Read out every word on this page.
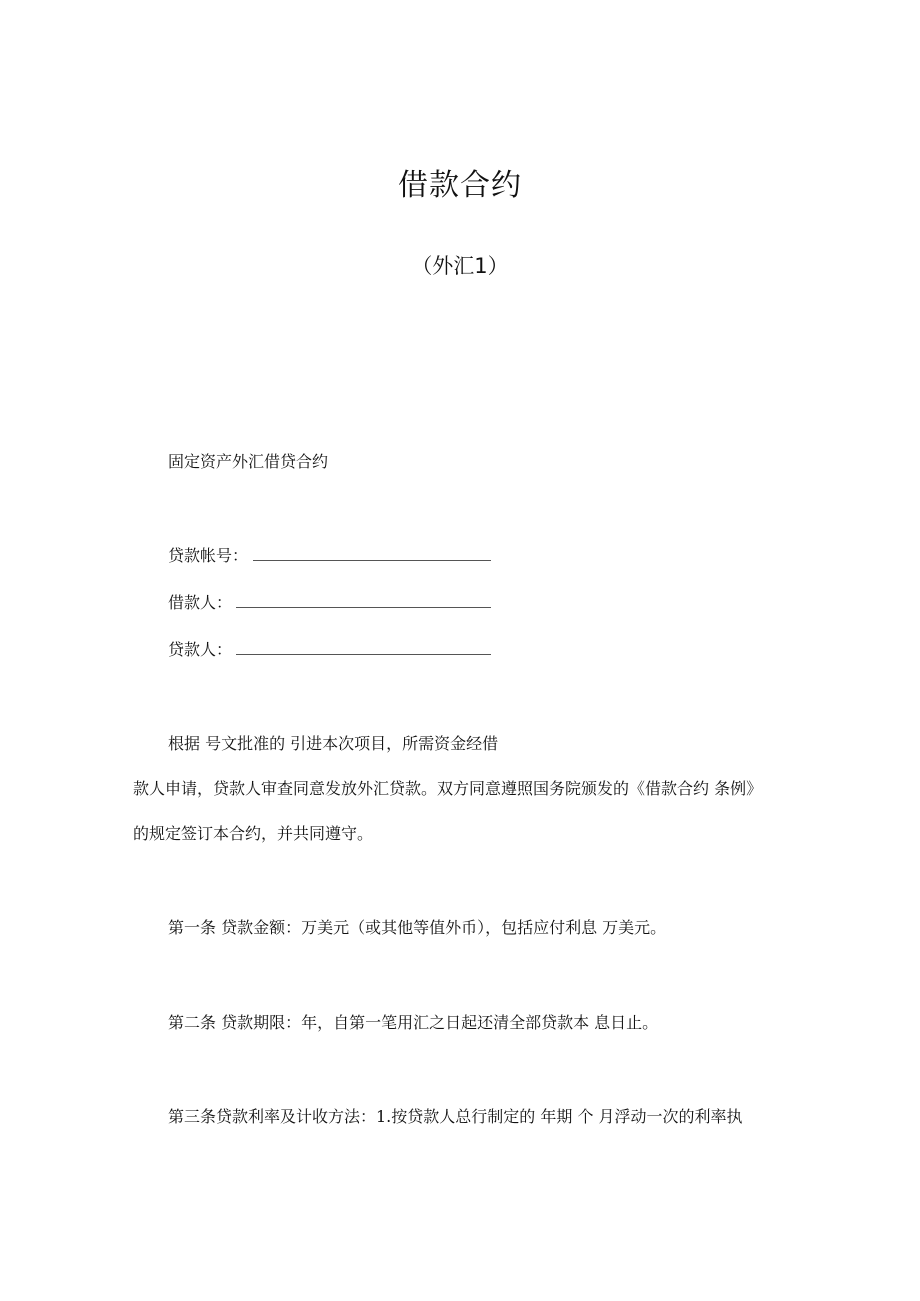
借款合约
（外汇1）
固定资产外汇借贷合约
贷款帐号：
借款人：
贷款人：
根据 号文批准的 引进本次项目，所需资金经借
款人申请，贷款人审查同意发放外汇贷款。双方同意遵照国务院颁发的《借款合约 条例》
的规定签订本合约，并共同遵守。
第一条 贷款金额：万美元（或其他等值外币），包括应付利息 万美元。
第二条 贷款期限：年，自第一笔用汇之日起还清全部贷款本 息日止。
第三条贷款利率及计收方法：1.按贷款人总行制定的 年期 个 月浮动一次的利率执
